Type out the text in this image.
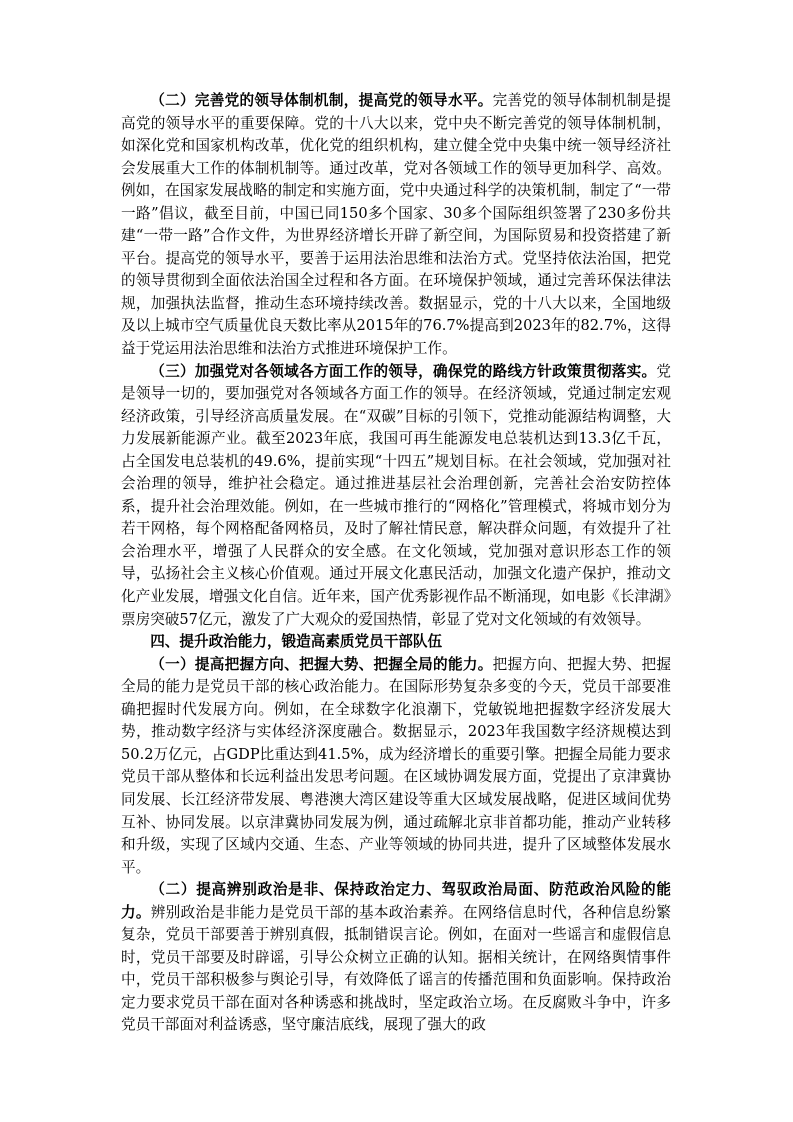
（二）完善党的领导体制机制，提高党的领导水平。完善党的领导体制机制是提高党的领导水平的重要保障。党的十八大以来，党中央不断完善党的领导体制机制，如深化党和国家机构改革，优化党的组织机构，建立健全党中央集中统一领导经济社会发展重大工作的体制机制等。通过改革，党对各领域工作的领导更加科学、高效。例如，在国家发展战略的制定和实施方面，党中央通过科学的决策机制，制定了“一带一路”倡议，截至目前，中国已同150多个国家、30多个国际组织签署了230多份共建“一带一路”合作文件，为世界经济增长开辟了新空间，为国际贸易和投资搭建了新平台。提高党的领导水平，要善于运用法治思维和法治方式。党坚持依法治国，把党的领导贯彻到全面依法治国全过程和各方面。在环境保护领域，通过完善环保法律法规，加强执法监督，推动生态环境持续改善。数据显示，党的十八大以来，全国地级及以上城市空气质量优良天数比率从2015年的76.7%提高到2023年的82.7%，这得益于党运用法治思维和法治方式推进环境保护工作。

（三）加强党对各领域各方面工作的领导，确保党的路线方针政策贯彻落实。党是领导一切的，要加强党对各领域各方面工作的领导。在经济领域，党通过制定宏观经济政策，引导经济高质量发展。在“双碳”目标的引领下，党推动能源结构调整，大力发展新能源产业。截至2023年底，我国可再生能源发电总装机达到13.3亿千瓦，占全国发电总装机的49.6%，提前实现“十四五”规划目标。在社会领域，党加强对社会治理的领导，维护社会稳定。通过推进基层社会治理创新，完善社会治安防控体系，提升社会治理效能。例如，在一些城市推行的“网格化”管理模式，将城市划分为若干网格，每个网格配备网格员，及时了解社情民意，解决群众问题，有效提升了社会治理水平，增强了人民群众的安全感。在文化领域，党加强对意识形态工作的领导，弘扬社会主义核心价值观。通过开展文化惠民活动，加强文化遗产保护，推动文化产业发展，增强文化自信。近年来，国产优秀影视作品不断涌现，如电影《长津湖》票房突破57亿元，激发了广大观众的爱国热情，彰显了党对文化领域的有效领导。

四、提升政治能力，锻造高素质党员干部队伍

（一）提高把握方向、把握大势、把握全局的能力。把握方向、把握大势、把握全局的能力是党员干部的核心政治能力。在国际形势复杂多变的今天，党员干部要准确把握时代发展方向。例如，在全球数字化浪潮下，党敏锐地把握数字经济发展大势，推动数字经济与实体经济深度融合。数据显示，2023年我国数字经济规模达到50.2万亿元，占GDP比重达到41.5%，成为经济增长的重要引擎。把握全局能力要求党员干部从整体和长远利益出发思考问题。在区域协调发展方面，党提出了京津冀协同发展、长江经济带发展、粤港澳大湾区建设等重大区域发展战略，促进区域间优势互补、协同发展。以京津冀协同发展为例，通过疏解北京非首都功能，推动产业转移和升级，实现了区域内交通、生态、产业等领域的协同共进，提升了区域整体发展水平。

（二）提高辨别政治是非、保持政治定力、驾驭政治局面、防范政治风险的能力。辨别政治是非能力是党员干部的基本政治素养。在网络信息时代，各种信息纷繁复杂，党员干部要善于辨别真假，抵制错误言论。例如，在面对一些谣言和虚假信息时，党员干部要及时辟谣，引导公众树立正确的认知。据相关统计，在网络舆情事件中，党员干部积极参与舆论引导，有效降低了谣言的传播范围和负面影响。保持政治定力要求党员干部在面对各种诱惑和挑战时，坚定政治立场。在反腐败斗争中，许多党员干部面对利益诱惑，坚守廉洁底线，展现了强大的政
